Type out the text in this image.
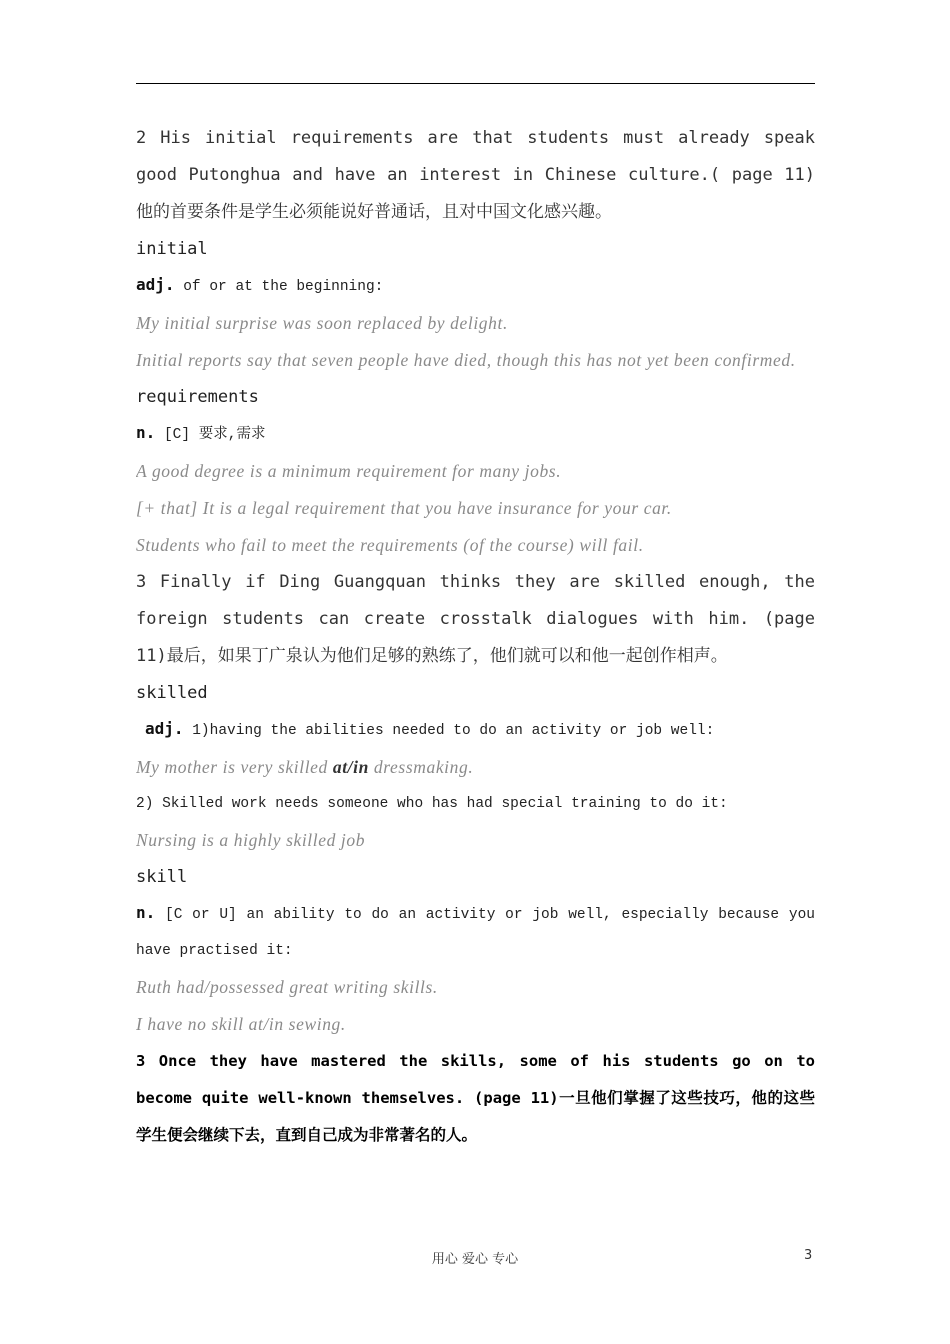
2 His initial requirements are that students must already speak good Putonghua and have an interest in Chinese culture.( page 11)他的首要条件是学生必须能说好普通话，且对中国文化感兴趣。

initial

adj. of or at the beginning:

My initial surprise was soon replaced by delight.

Initial reports say that seven people have died, though this has not yet been confirmed.

requirements

n. [C] 要求,需求

A good degree is a minimum requirement for many jobs.

[+ that] It is a legal requirement that you have insurance for your car.

Students who fail to meet the requirements (of the course) will fail.

3 Finally if Ding Guangquan thinks they are skilled enough, the foreign students can create crosstalk dialogues with him. (page 11)最后，如果丁广泉认为他们足够的熟练了，他们就可以和他一起创作相声。

skilled

adj. 1)having the abilities needed to do an activity or job well:

My mother is very skilled at/in dressmaking.

2) Skilled work needs someone who has had special training to do it:

Nursing is a highly skilled job

skill

n. [C or U] an ability to do an activity or job well, especially because you have practised it:

Ruth had/possessed great writing skills.

I have no skill at/in sewing.

3 Once they have mastered the skills, some of his students go on to become quite well-known themselves. (page 11)一旦他们掌握了这些技巧，他的这些学生便会继续下去，直到自己成为非常著名的人。

用心 爱心 专心	3
